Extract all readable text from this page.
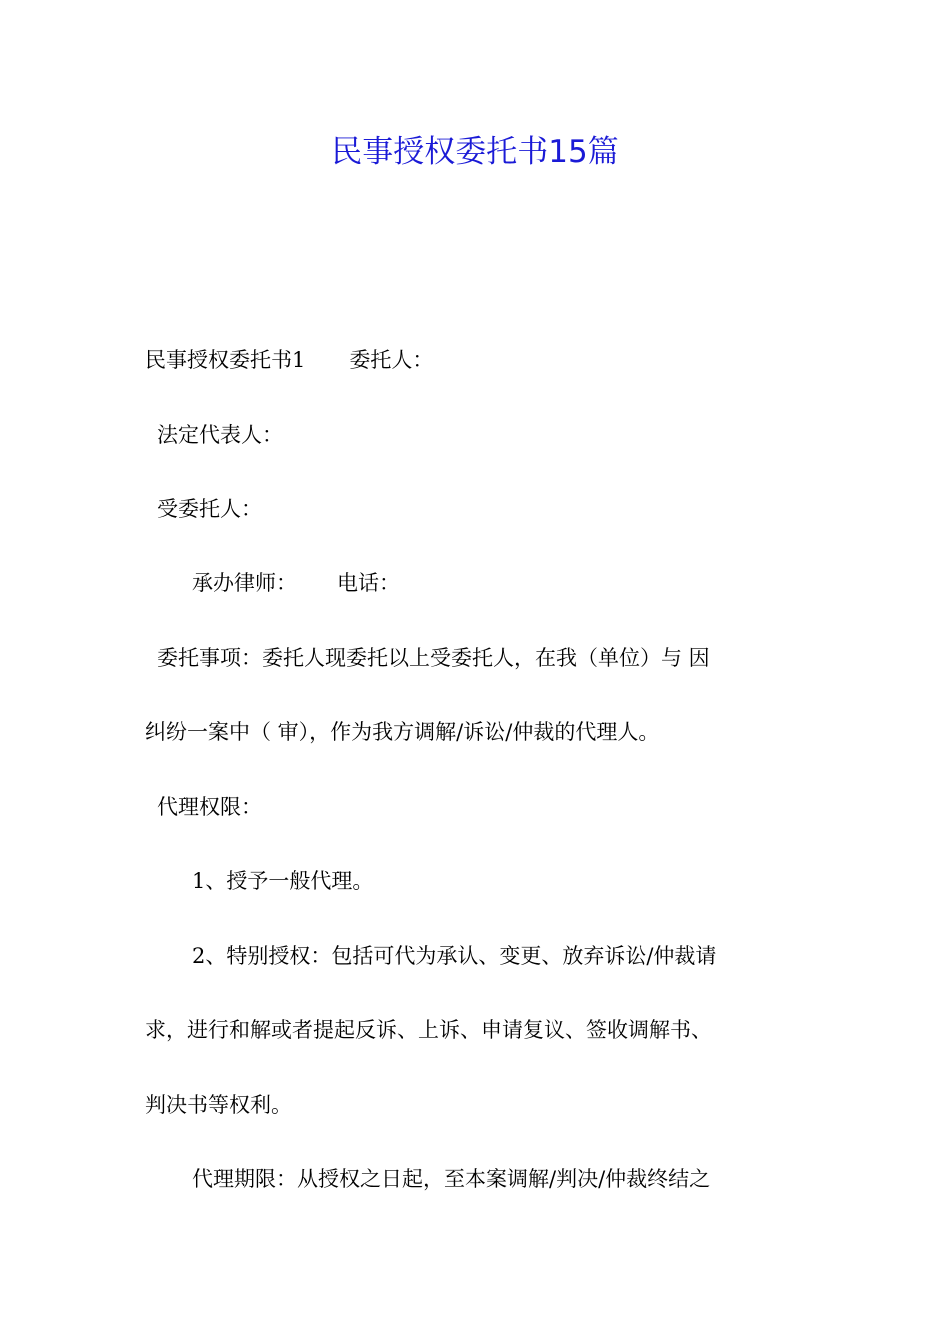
民事授权委托书15篇
民事授权委托书1 委托人：
法定代表人：
受委托人：
承办律师： 电话：
委托事项：委托人现委托以上受委托人，在我（单位）与 因
纠纷一案中（ 审），作为我方调解/诉讼/仲裁的代理人。
代理权限：
1、授予一般代理。
2、特别授权：包括可代为承认、变更、放弃诉讼/仲裁请
求，进行和解或者提起反诉、上诉、申请复议、签收调解书、
判决书等权利。
代理期限：从授权之日起，至本案调解/判决/仲裁终结之
